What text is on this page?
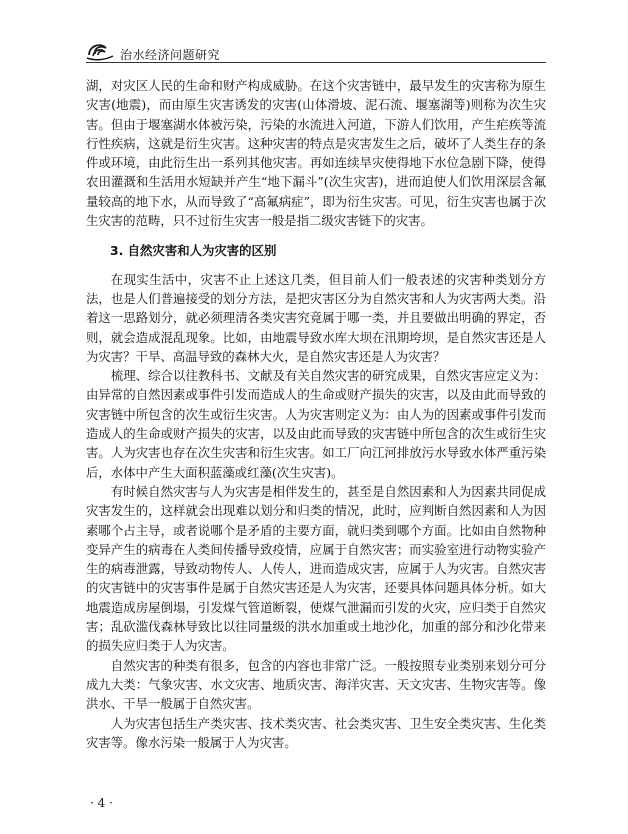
治水经济问题研究

湖，对灾区人民的生命和财产构成威胁。在这个灾害链中，最早发生的灾害称为原生灾害(地震)，而由原生灾害诱发的灾害(山体滑坡、泥石流、堰塞湖等)则称为次生灾害。但由于堰塞湖水体被污染，污染的水流进入河道，下游人们饮用，产生疟疾等流行性疾病，这就是衍生灾害。这种灾害的特点是灾害发生之后，破坏了人类生存的条件或环境，由此衍生出一系列其他灾害。再如连续旱灾使得地下水位急剧下降，使得农田灌溉和生活用水短缺并产生“地下漏斗”(次生灾害)，进而迫使人们饮用深层含氟量较高的地下水，从而导致了“高氟病症”，即为衍生灾害。可见，衍生灾害也属于次生灾害的范畴，只不过衍生灾害一般是指二级灾害链下的灾害。

3. 自然灾害和人为灾害的区别

在现实生活中，灾害不止上述这几类，但目前人们一般表述的灾害种类划分方法，也是人们普遍接受的划分方法，是把灾害区分为自然灾害和人为灾害两大类。沿着这一思路划分，就必须理清各类灾害究竟属于哪一类，并且要做出明确的界定，否则，就会造成混乱现象。比如，由地震导致水库大坝在汛期垮坝，是自然灾害还是人为灾害？干旱、高温导致的森林大火，是自然灾害还是人为灾害？

梳理、综合以往教科书、文献及有关自然灾害的研究成果，自然灾害应定义为：由异常的自然因素或事件引发而造成人的生命或财产损失的灾害，以及由此而导致的灾害链中所包含的次生或衍生灾害。人为灾害则定义为：由人为的因素或事件引发而造成人的生命或财产损失的灾害，以及由此而导致的灾害链中所包含的次生或衍生灾害。人为灾害也存在次生灾害和衍生灾害。如工厂向江河排放污水导致水体严重污染后，水体中产生大面积蓝藻或红藻(次生灾害)。

有时候自然灾害与人为灾害是相伴发生的，甚至是自然因素和人为因素共同促成灾害发生的，这样就会出现难以划分和归类的情况，此时，应判断自然因素和人为因素哪个占主导，或者说哪个是矛盾的主要方面，就归类到哪个方面。比如由自然物种变异产生的病毒在人类间传播导致疫情，应属于自然灾害；而实验室进行动物实验产生的病毒泄露，导致动物传人、人传人，进而造成灾害，应属于人为灾害。自然灾害的灾害链中的灾害事件是属于自然灾害还是人为灾害，还要具体问题具体分析。如大地震造成房屋倒塌，引发煤气管道断裂，使煤气泄漏而引发的火灾，应归类于自然灾害；乱砍滥伐森林导致比以往同量级的洪水加重或土地沙化，加重的部分和沙化带来的损失应归类于人为灾害。

自然灾害的种类有很多，包含的内容也非常广泛。一般按照专业类别来划分可分成九大类：气象灾害、水文灾害、地质灾害、海洋灾害、天文灾害、生物灾害等。像洪水、干旱一般属于自然灾害。

人为灾害包括生产类灾害、技术类灾害、社会类灾害、卫生安全类灾害、生化类灾害等。像水污染一般属于人为灾害。

· 4 ·
